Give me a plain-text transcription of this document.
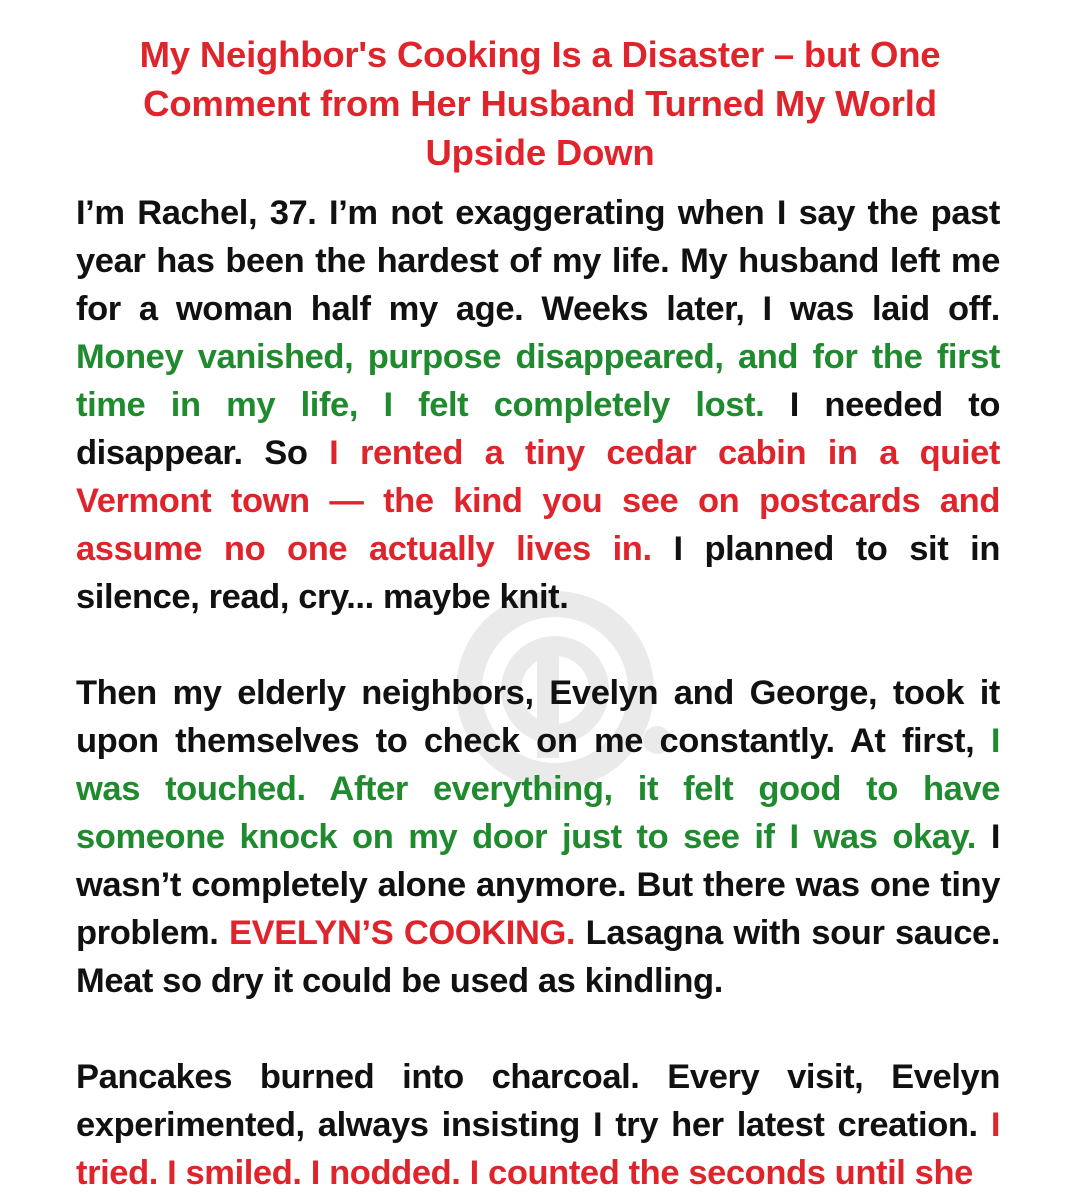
My Neighbor's Cooking Is a Disaster – but One Comment from Her Husband Turned My World Upside Down

I’m Rachel, 37. I’m not exaggerating when I say the past year has been the hardest of my life. My husband left me for a woman half my age. Weeks later, I was laid off. Money vanished, purpose disappeared, and for the first time in my life, I felt completely lost. I needed to disappear. So I rented a tiny cedar cabin in a quiet Vermont town — the kind you see on postcards and assume no one actually lives in. I planned to sit in silence, read, cry... maybe knit.

Then my elderly neighbors, Evelyn and George, took it upon themselves to check on me constantly. At first, I was touched. After everything, it felt good to have someone knock on my door just to see if I was okay. I wasn’t completely alone anymore. But there was one tiny problem. EVELYN’S COOKING. Lasagna with sour sauce. Meat so dry it could be used as kindling.

Pancakes burned into charcoal. Every visit, Evelyn experimented, always insisting I try her latest creation. I tried. I smiled. I nodded. I counted the seconds until she
